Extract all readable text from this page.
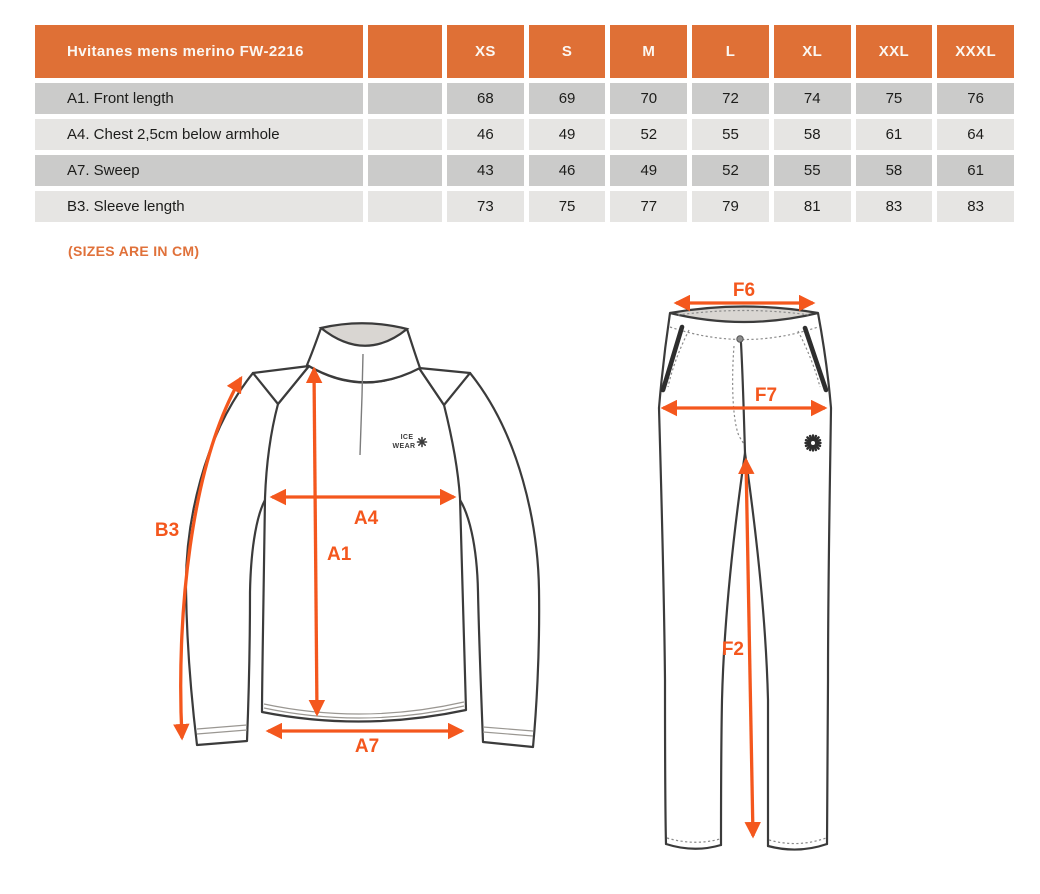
Hvitanes mens merino FW-2216	XS	S	M	L	XL	XXL	XXXL
A1. Front length	68	69	70	72	74	75	76
A4. Chest 2,5cm below armhole	46	49	52	55	58	61	64
A7. Sweep	43	46	49	52	55	58	61
B3. Sleeve length	73	75	77	79	81	83	83
(SIZES ARE IN CM)
ICE
WEAR
B3
A4
A1
A7
F6
F7
F2
